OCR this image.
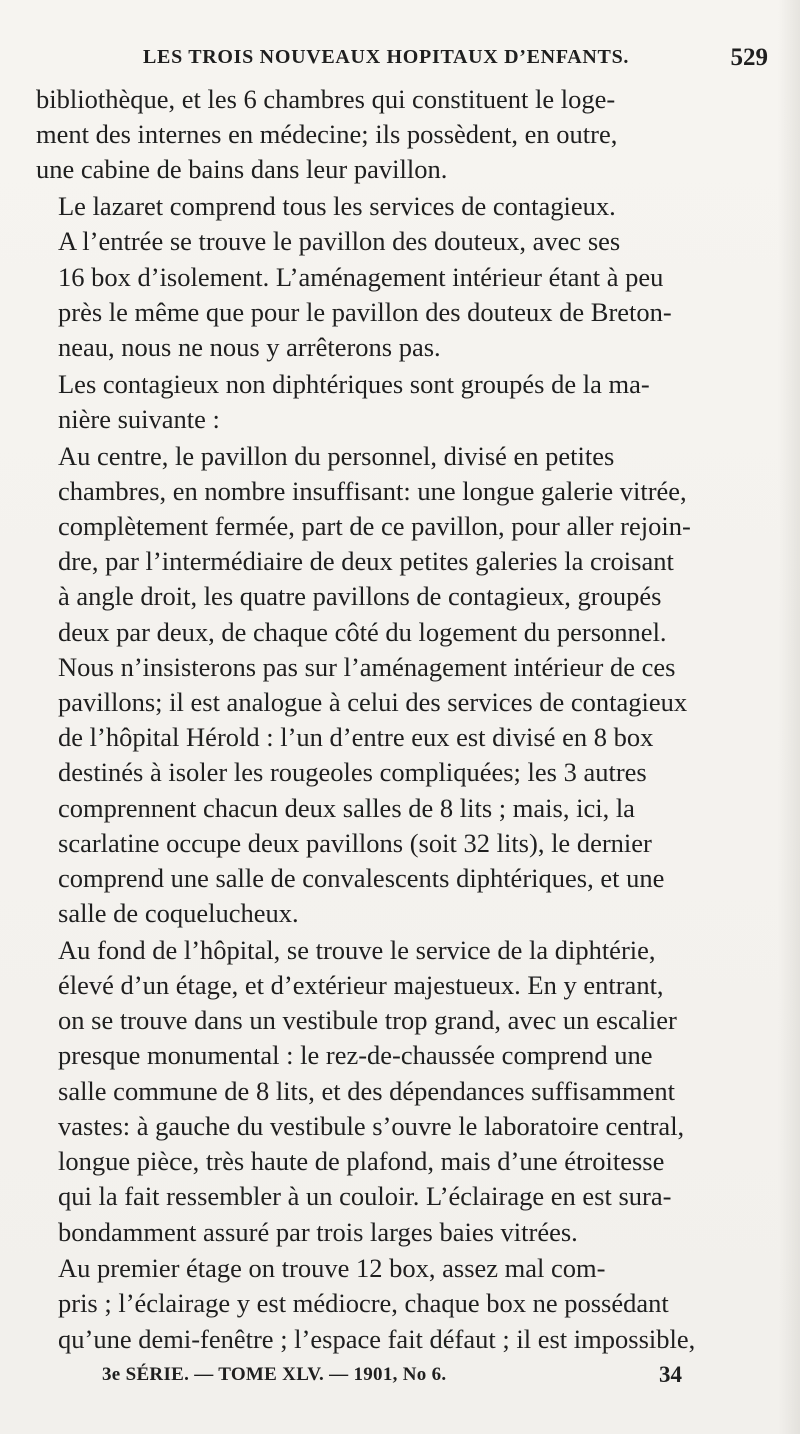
LES TROIS NOUVEAUX HOPITAUX D’ENFANTS.	529

bibliothèque, et les 6 chambres qui constituent le loge-
ment des internes en médecine; ils possèdent, en outre,
une cabine de bains dans leur pavillon.

Le lazaret comprend tous les services de contagieux.
A l’entrée se trouve le pavillon des douteux, avec ses
16 box d’isolement. L’aménagement intérieur étant à peu
près le même que pour le pavillon des douteux de Breton-
neau, nous ne nous y arrêterons pas.

Les contagieux non diphtériques sont groupés de la ma-
nière suivante :

Au centre, le pavillon du personnel, divisé en petites
chambres, en nombre insuffisant: une longue galerie vitrée,
complètement fermée, part de ce pavillon, pour aller rejoin-
dre, par l’intermédiaire de deux petites galeries la croisant
à angle droit, les quatre pavillons de contagieux, groupés
deux par deux, de chaque côté du logement du personnel.
Nous n’insisterons pas sur l’aménagement intérieur de ces
pavillons; il est analogue à celui des services de contagieux
de l’hôpital Hérold : l’un d’entre eux est divisé en 8 box
destinés à isoler les rougeoles compliquées; les 3 autres
comprennent chacun deux salles de 8 lits ; mais, ici, la
scarlatine occupe deux pavillons (soit 32 lits), le dernier
comprend une salle de convalescents diphtériques, et une
salle de coquelucheux.

Au fond de l’hôpital, se trouve le service de la diphtérie,
élevé d’un étage, et d’extérieur majestueux. En y entrant,
on se trouve dans un vestibule trop grand, avec un escalier
presque monumental : le rez-de-chaussée comprend une
salle commune de 8 lits, et des dépendances suffisamment
vastes: à gauche du vestibule s’ouvre le laboratoire central,
longue pièce, très haute de plafond, mais d’une étroitesse
qui la fait ressembler à un couloir. L’éclairage en est sura-
bondamment assuré par trois larges baies vitrées.

Au premier étage on trouve 12 box, assez mal com-
pris ; l’éclairage y est médiocre, chaque box ne possédant
qu’une demi-fenêtre ; l’espace fait défaut ; il est impossible,

3e SÉRIE. — TOME XLV. — 1901, No 6.	34
